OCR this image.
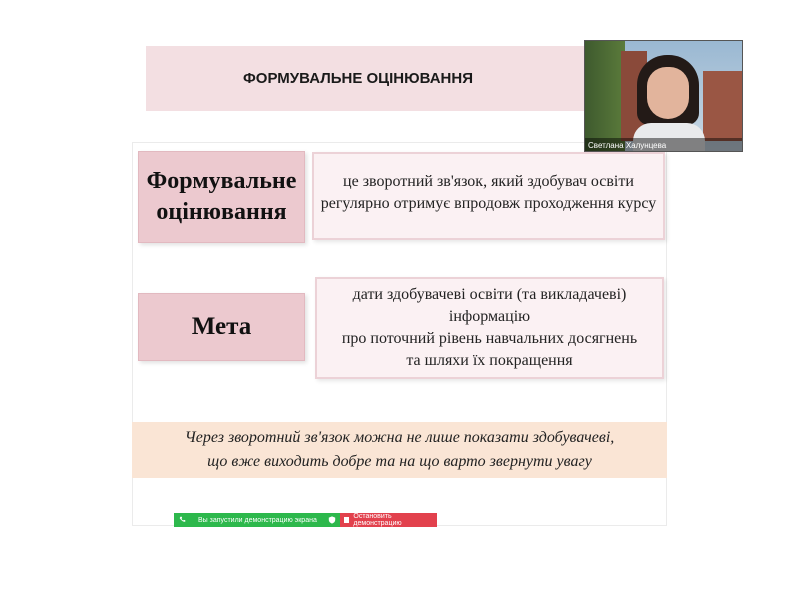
ФОРМУВАЛЬНЕ ОЦІНЮВАННЯ
Формувальне
оцінювання
це зворотний зв'язок, який здобувач освіти
регулярно отримує впродовж проходження курсу
Мета
дати здобувачеві освіти (та викладачеві) інформацію
про поточний рівень навчальних досягнень
та шляхи їх покращення
Через зворотний зв'язок можна не лише показати здобувачеві,
що вже виходить добре та на що варто звернути увагу
Светлана Халунцева
Вы запустили демонстрацию экрана	Остановить демонстрацию
